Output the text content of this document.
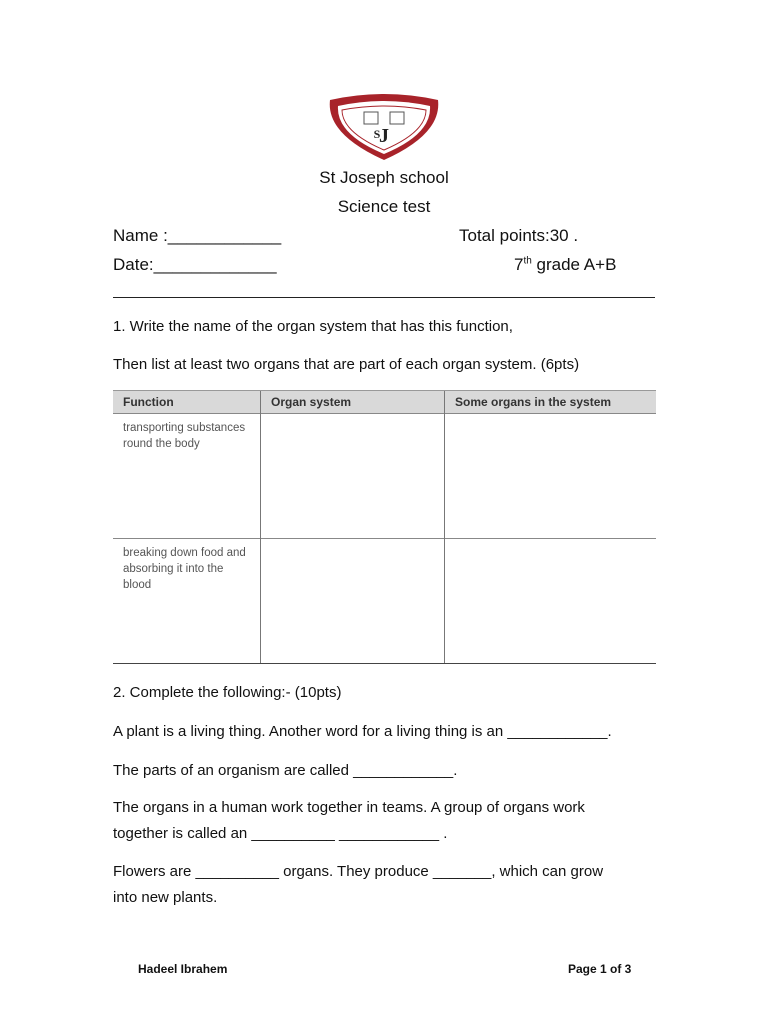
J
S
St Joseph school
Science test
Name :____________	Total points:30 .
Date:_____________	7th grade A+B
1. Write the name of the organ system that has this function,
Then list at least two organs that are part of each organ system. (6pts)
Function	Organ system	Some organs in the system

transporting substances
round the body		

breaking down food and
absorbing it into the blood		

2. Complete the following:- (10pts)
A plant is a living thing. Another word for a living thing is an ____________.
The parts of an organism are called ____________.
The organs in a human work together in teams. A group of organs work
together is called an __________ ____________ .
Flowers are __________ organs. They produce _______, which can grow
into new plants.
Hadeel Ibrahem	Page 1 of 3
